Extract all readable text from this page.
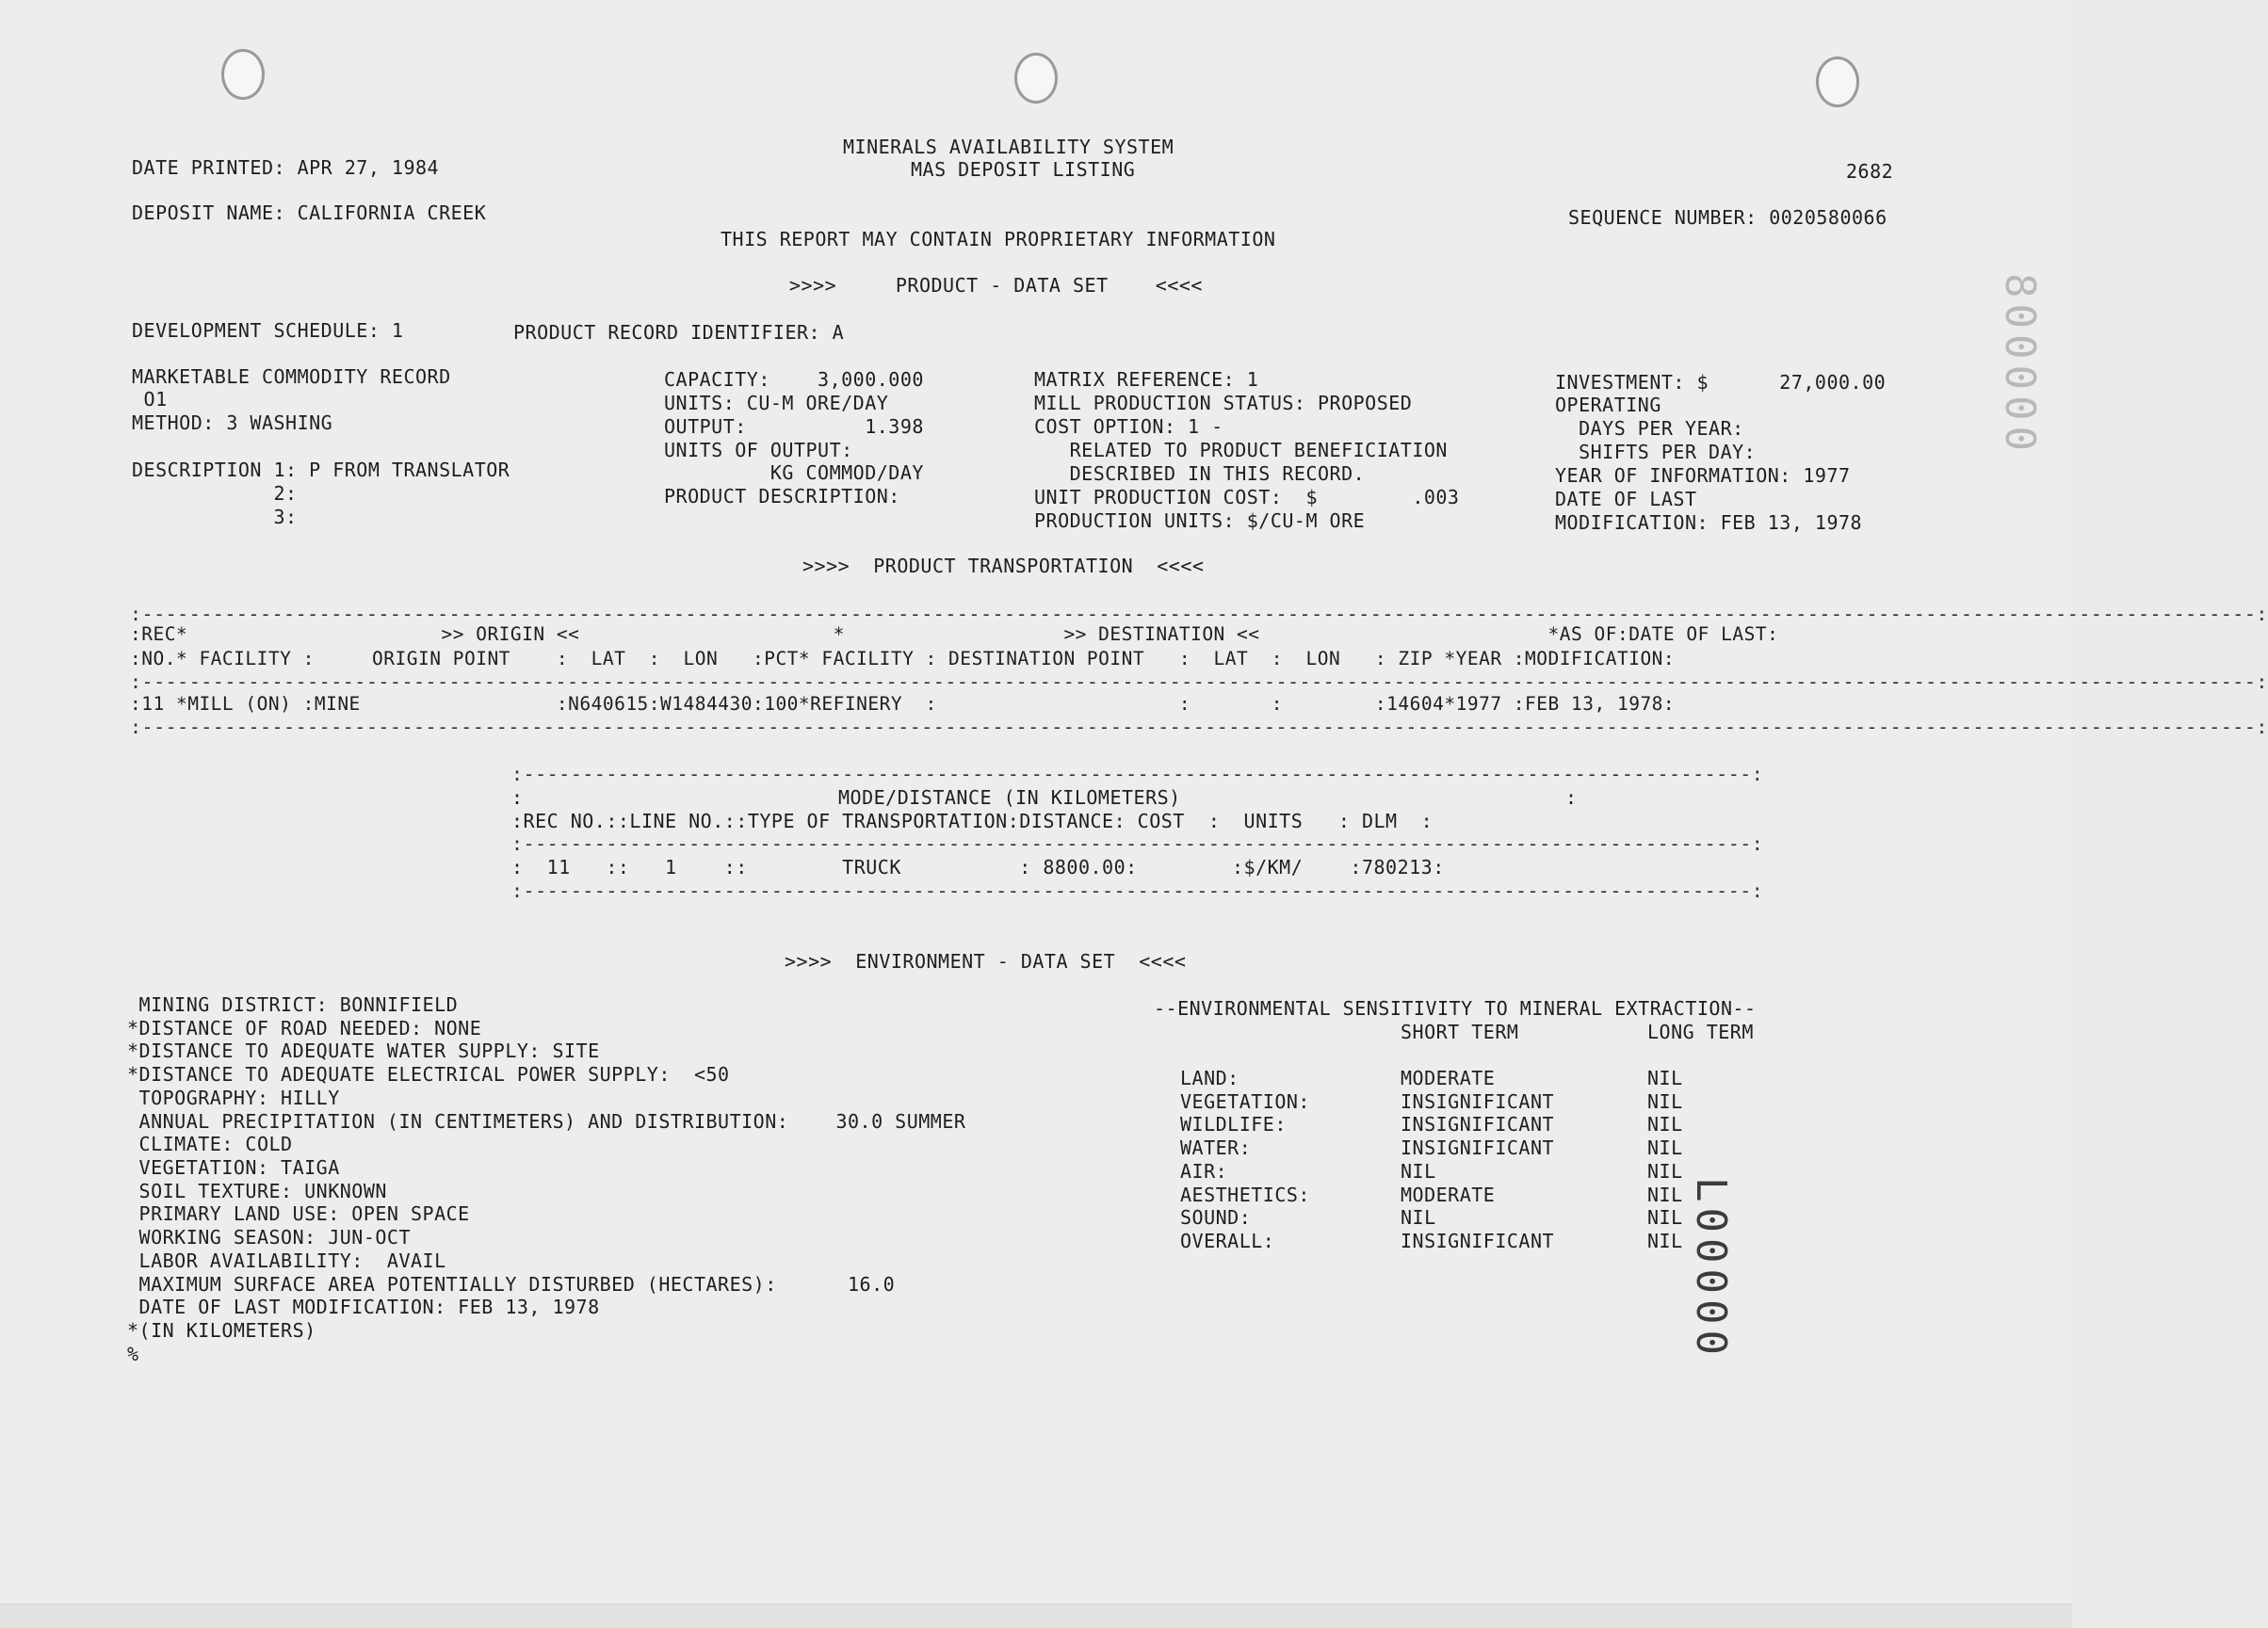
DATE PRINTED: APR 27, 1984
MINERALS AVAILABILITY SYSTEM
MAS DEPOSIT LISTING	2682
DEPOSIT NAME: CALIFORNIA CREEK	SEQUENCE NUMBER: 0020580066
THIS REPORT MAY CONTAIN PROPRIETARY INFORMATION
>>>>     PRODUCT - DATA SET    <<<<
DEVELOPMENT SCHEDULE: 1	PRODUCT RECORD IDENTIFIER: A
MARKETABLE COMMODITY RECORD
O1
METHOD: 3 WASHING
DESCRIPTION 1: P FROM TRANSLATOR
2:
3:
CAPACITY:    3,000.000
UNITS: CU-M ORE/DAY
OUTPUT:          1.398
UNITS OF OUTPUT:
KG COMMOD/DAY
PRODUCT DESCRIPTION:
MATRIX REFERENCE: 1
MILL PRODUCTION STATUS: PROPOSED
COST OPTION: 1 -
RELATED TO PRODUCT BENEFICIATION
DESCRIBED IN THIS RECORD.
UNIT PRODUCTION COST:  $        .003
PRODUCTION UNITS: $/CU-M ORE
INVESTMENT: $      27,000.00
OPERATING
DAYS PER YEAR:
SHIFTS PER DAY:
YEAR OF INFORMATION: 1977
DATE OF LAST
MODIFICATION: FEB 13, 1978
>>>>  PRODUCT TRANSPORTATION  <<<<
:-----------------------------------------------------------------------------------------------------------------------------------------------------------------------------------:
:REC*                      >> ORIGIN <<                      *                   >> DESTINATION <<                         *AS OF:DATE OF LAST:
:NO.* FACILITY :     ORIGIN POINT    :  LAT  :  LON   :PCT* FACILITY : DESTINATION POINT   :  LAT  :  LON   : ZIP *YEAR :MODIFICATION:
:-----------------------------------------------------------------------------------------------------------------------------------------------------------------------------------:
:11 *MILL (ON) :MINE                 :N640615:W1484430:100*REFINERY  :                     :       :        :14604*1977 :FEB 13, 1978:
:-----------------------------------------------------------------------------------------------------------------------------------------------------------------------------------:
:--------------------------------------------------------------------------------------------------------:
:	:
MODE/DISTANCE (IN KILOMETERS)
:REC NO.::LINE NO.::TYPE OF TRANSPORTATION:DISTANCE: COST  :  UNITS   : DLM  :
:--------------------------------------------------------------------------------------------------------:
:  11   ::   1    ::        TRUCK          : 8800.00:        :$/KM/    :780213:
:--------------------------------------------------------------------------------------------------------:
>>>>  ENVIRONMENT - DATA SET  <<<<
MINING DISTRICT: BONNIFIELD
*DISTANCE OF ROAD NEEDED: NONE
*DISTANCE TO ADEQUATE WATER SUPPLY: SITE
*DISTANCE TO ADEQUATE ELECTRICAL POWER SUPPLY:  <50
TOPOGRAPHY: HILLY
ANNUAL PRECIPITATION (IN CENTIMETERS) AND DISTRIBUTION:    30.0 SUMMER
CLIMATE: COLD
VEGETATION: TAIGA
SOIL TEXTURE: UNKNOWN
PRIMARY LAND USE: OPEN SPACE
WORKING SEASON: JUN-OCT
LABOR AVAILABILITY:  AVAIL
MAXIMUM SURFACE AREA POTENTIALLY DISTURBED (HECTARES):      16.0
DATE OF LAST MODIFICATION: FEB 13, 1978
*(IN KILOMETERS)
%
--ENVIRONMENTAL SENSITIVITY TO MINERAL EXTRACTION--
SHORT TERM	LONG TERM
LAND:	MODERATE	NIL
VEGETATION:	INSIGNIFICANT	NIL
WILDLIFE:	INSIGNIFICANT	NIL
WATER:	INSIGNIFICANT	NIL
AIR:	NIL	NIL
AESTHETICS:	MODERATE	NIL
SOUND:	NIL	NIL
OVERALL:	INSIGNIFICANT	NIL L00000
800000
